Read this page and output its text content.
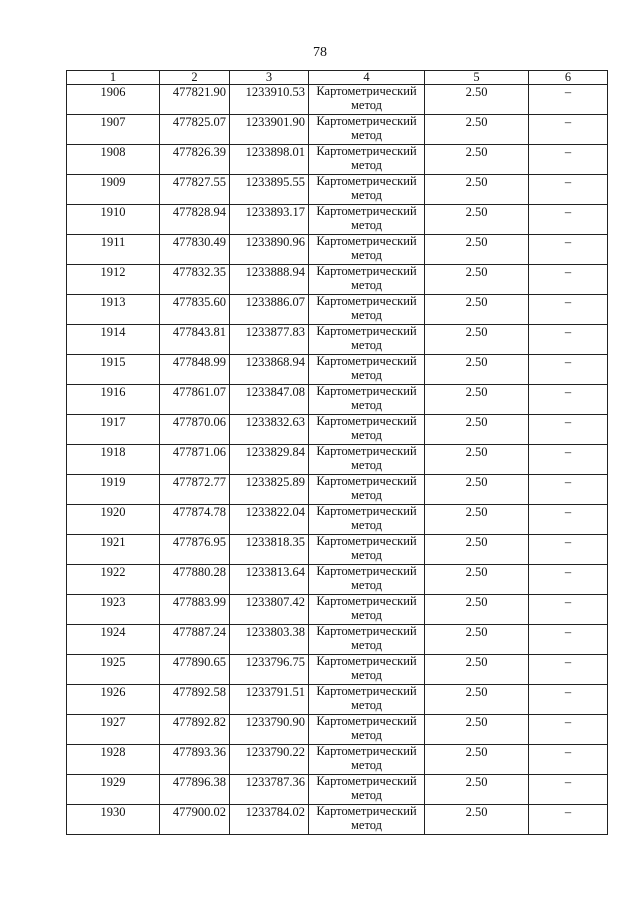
78
1	2	3	4	5	6
1906	477821.90	1233910.53	Картометрический
метод	2.50	–
1907	477825.07	1233901.90	Картометрический
метод	2.50	–
1908	477826.39	1233898.01	Картометрический
метод	2.50	–
1909	477827.55	1233895.55	Картометрический
метод	2.50	–
1910	477828.94	1233893.17	Картометрический
метод	2.50	–
1911	477830.49	1233890.96	Картометрический
метод	2.50	–
1912	477832.35	1233888.94	Картометрический
метод	2.50	–
1913	477835.60	1233886.07	Картометрический
метод	2.50	–
1914	477843.81	1233877.83	Картометрический
метод	2.50	–
1915	477848.99	1233868.94	Картометрический
метод	2.50	–
1916	477861.07	1233847.08	Картометрический
метод	2.50	–
1917	477870.06	1233832.63	Картометрический
метод	2.50	–
1918	477871.06	1233829.84	Картометрический
метод	2.50	–
1919	477872.77	1233825.89	Картометрический
метод	2.50	–
1920	477874.78	1233822.04	Картометрический
метод	2.50	–
1921	477876.95	1233818.35	Картометрический
метод	2.50	–
1922	477880.28	1233813.64	Картометрический
метод	2.50	–
1923	477883.99	1233807.42	Картометрический
метод	2.50	–
1924	477887.24	1233803.38	Картометрический
метод	2.50	–
1925	477890.65	1233796.75	Картометрический
метод	2.50	–
1926	477892.58	1233791.51	Картометрический
метод	2.50	–
1927	477892.82	1233790.90	Картометрический
метод	2.50	–
1928	477893.36	1233790.22	Картометрический
метод	2.50	–
1929	477896.38	1233787.36	Картометрический
метод	2.50	–
1930	477900.02	1233784.02	Картометрический
метод	2.50	–
